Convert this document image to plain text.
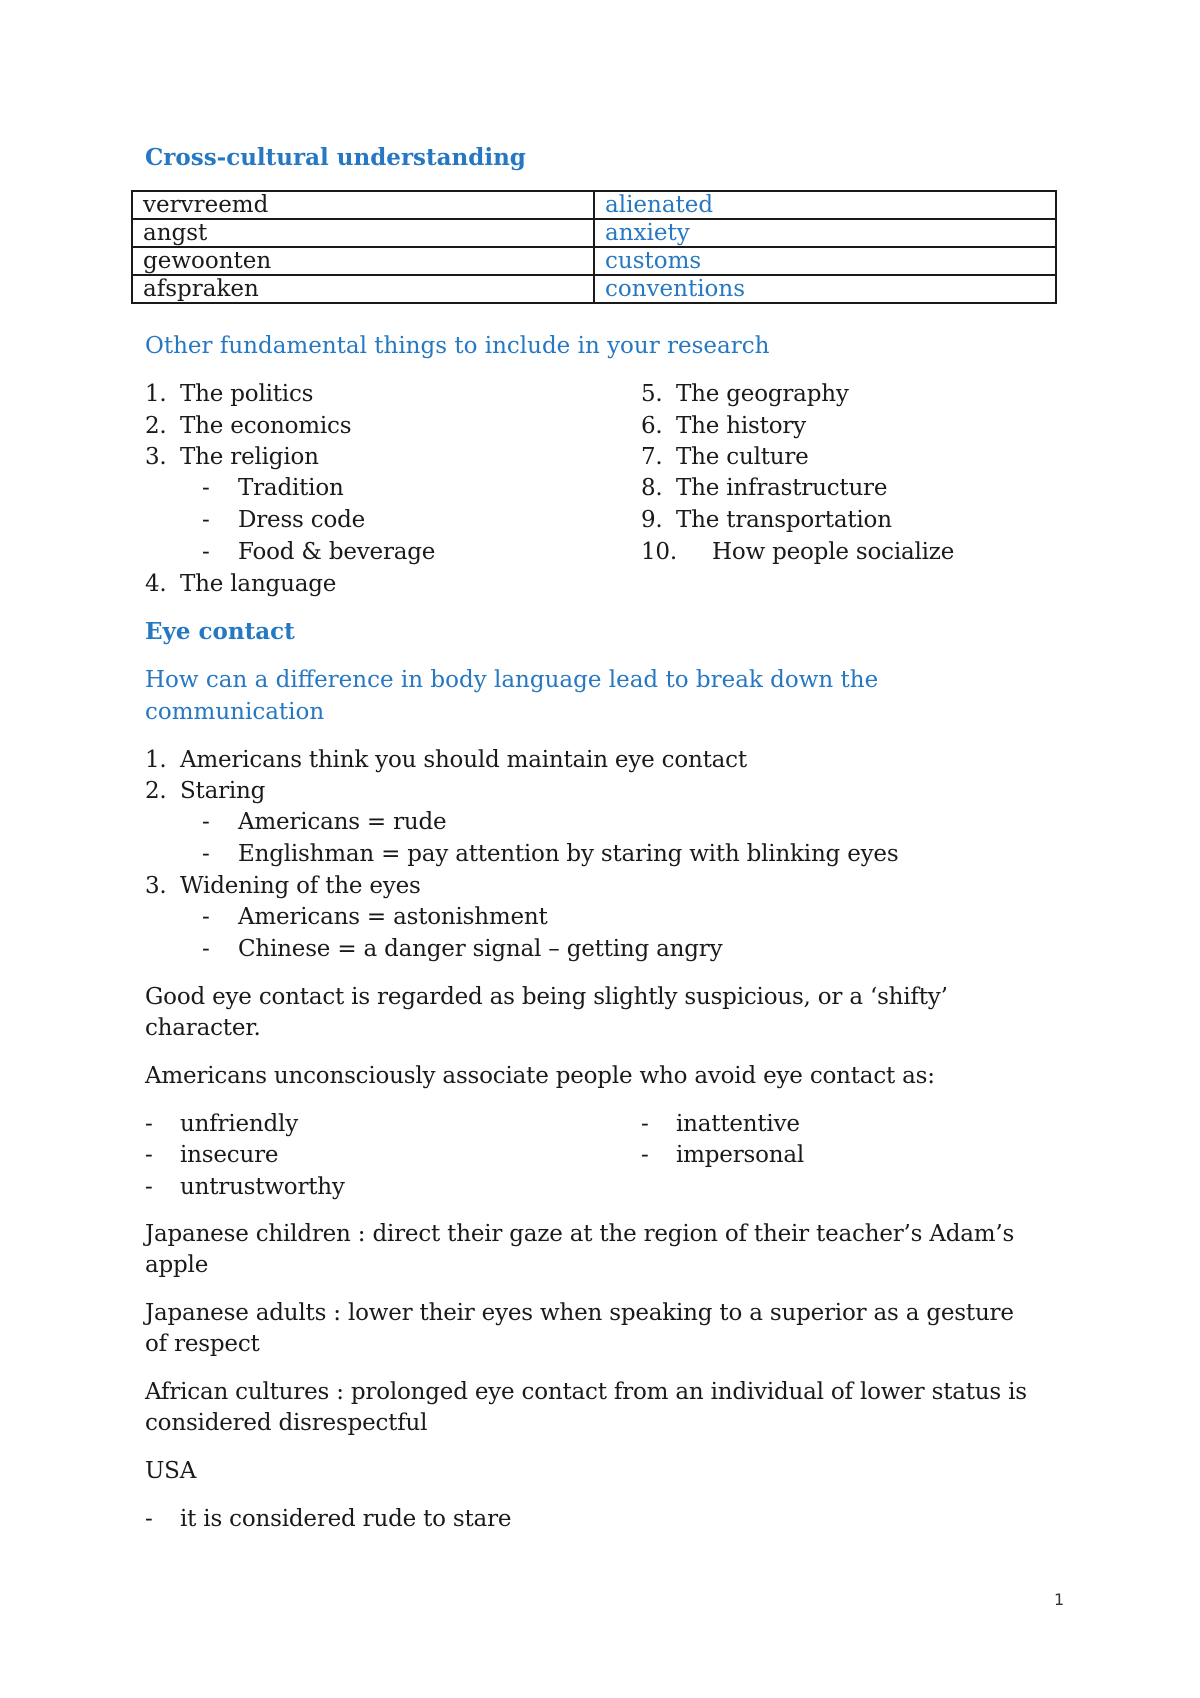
Cross-cultural understanding
vervreemd	alienated
angst	anxiety
gewoonten	customs
afspraken	conventions
Other fundamental things to include in your research
1. The politics
2. The economics
3. The religion
- Tradition
- Dress code
- Food & beverage
4. The language
5. The geography
6. The history
7. The culture
8. The infrastructure
9. The transportation
10. How people socialize
Eye contact
How can a difference in body language lead to break down the
communication
1. Americans think you should maintain eye contact
2. Staring
- Americans = rude
- Englishman = pay attention by staring with blinking eyes
3. Widening of the eyes
- Americans = astonishment
- Chinese = a danger signal – getting angry
Good eye contact is regarded as being slightly suspicious, or a ‘shifty’
character.
Americans unconsciously associate people who avoid eye contact as:
- unfriendly
- insecure
- untrustworthy
- inattentive
- impersonal
Japanese children : direct their gaze at the region of their teacher’s Adam’s
apple
Japanese adults : lower their eyes when speaking to a superior as a gesture
of respect
African cultures : prolonged eye contact from an individual of lower status is
considered disrespectful
USA
- it is considered rude to stare
1
